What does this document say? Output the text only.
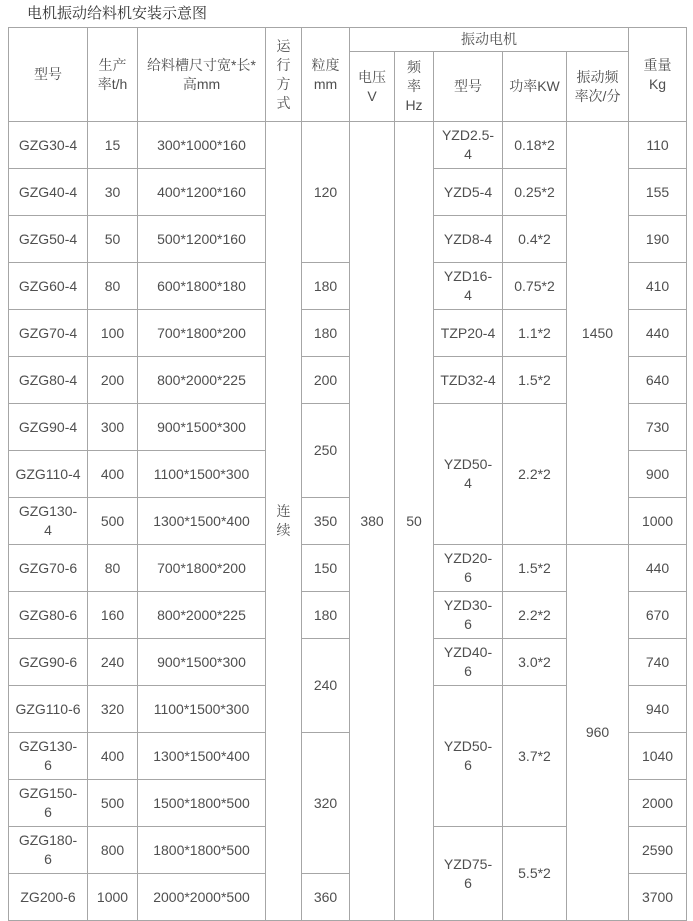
电机振动给料机安装示意图
型号	生产率t/h	给料槽尺寸宽*长*高mm	运行方式	粒度mm	振动电机					重量Kg
					电压V	频率Hz	型号	功率KW	振动频率次/分	
GZG30-4	15	300*1000*160	连续	120	380	50	YZD2.5-4	0.18*2	1450	110
GZG40-4	30	400*1200*160					YZD5-4	0.25*2		155
GZG50-4	50	500*1200*160					YZD8-4	0.4*2		190
GZG60-4	80	600*1800*180		180			YZD16-4	0.75*2		410
GZG70-4	100	700*1800*200		180			TZP20-4	1.1*2		440
GZG80-4	200	800*2000*225		200			TZD32-4	1.5*2		640
GZG90-4	300	900*1500*300		250			YZD50-4	2.2*2		730
GZG110-4	400	1100*1500*300								900
GZG130-4	500	1300*1500*400		350						1000
GZG70-6	80	700*1800*200		150			YZD20-6	1.5*2	960	440
GZG80-6	160	800*2000*225		180			YZD30-6	2.2*2		670
GZG90-6	240	900*1500*300		240			YZD40-6	3.0*2		740
GZG110-6	320	1100*1500*300					YZD50-6	3.7*2		940
GZG130-6	400	1300*1500*400		320						1040
GZG150-6	500	1500*1800*500								2000
GZG180-6	800	1800*1800*500					YZD75-6	5.5*2		2590
ZG200-6	1000	2000*2000*500		360						3700
